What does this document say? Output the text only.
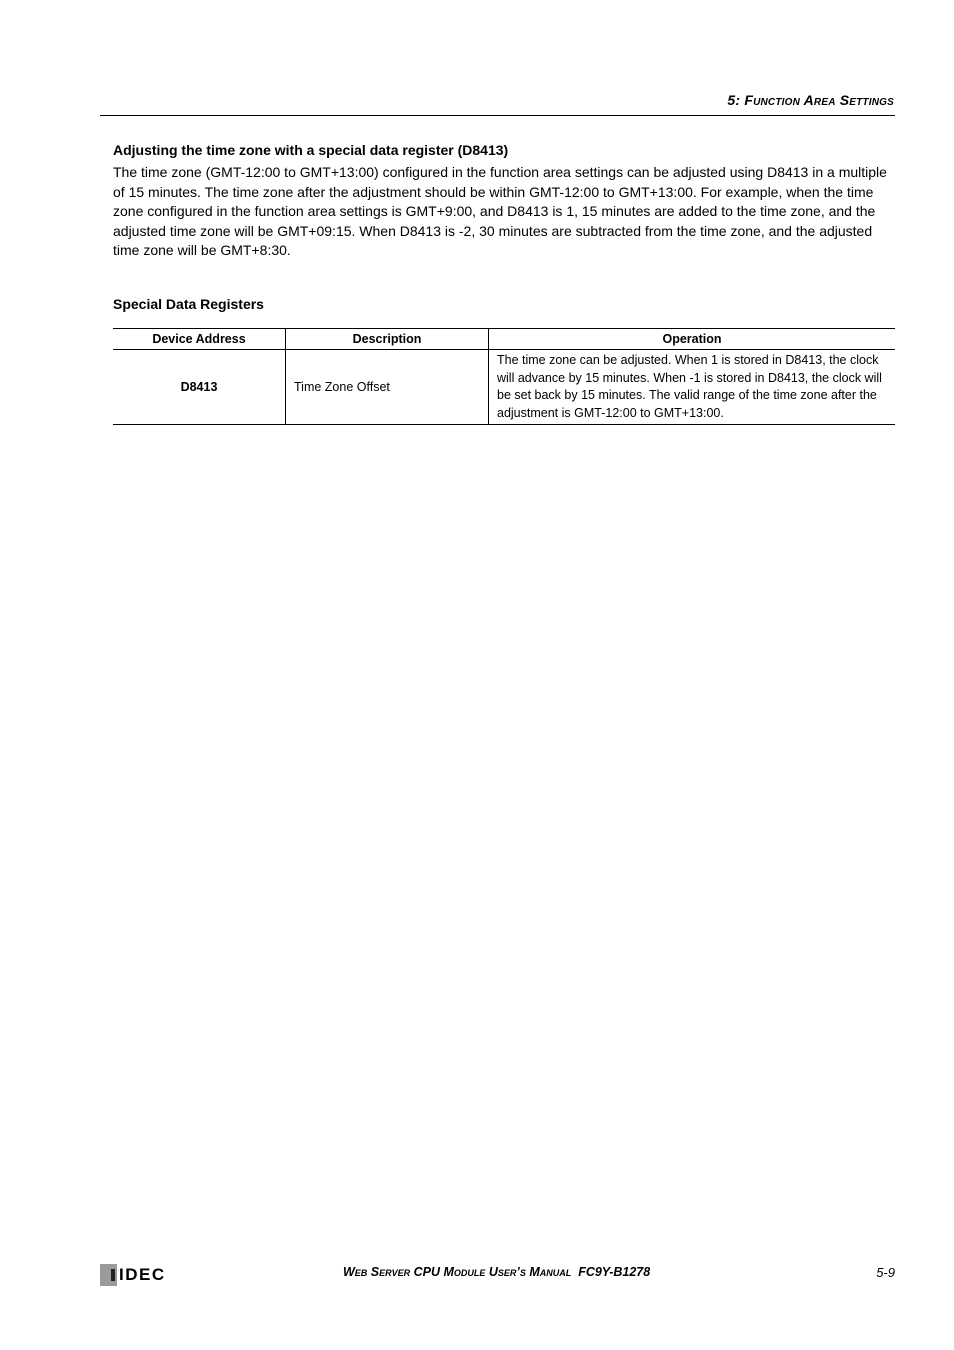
5: Function Area Settings
Adjusting the time zone with a special data register (D8413)
The time zone (GMT-12:00 to GMT+13:00) configured in the function area settings can be adjusted using D8413 in a multiple of 15 minutes. The time zone after the adjustment should be within GMT-12:00 to GMT+13:00. For example, when the time zone configured in the function area settings is GMT+9:00, and D8413 is 1, 15 minutes are added to the time zone, and the adjusted time zone will be GMT+09:15. When D8413 is -2, 30 minutes are subtracted from the time zone, and the adjusted time zone will be GMT+8:30.
Special Data Registers
Device Address	Description	Operation
D8413	Time Zone Offset	The time zone can be adjusted. When 1 is stored in D8413, the clock will advance by 15 minutes. When -1 is stored in D8413, the clock will be set back by 15 minutes. The valid range of the time zone after the adjustment is GMT-12:00 to GMT+13:00.
IDEC	Web Server CPU Module User’s Manual FC9Y-B1278	5-9
